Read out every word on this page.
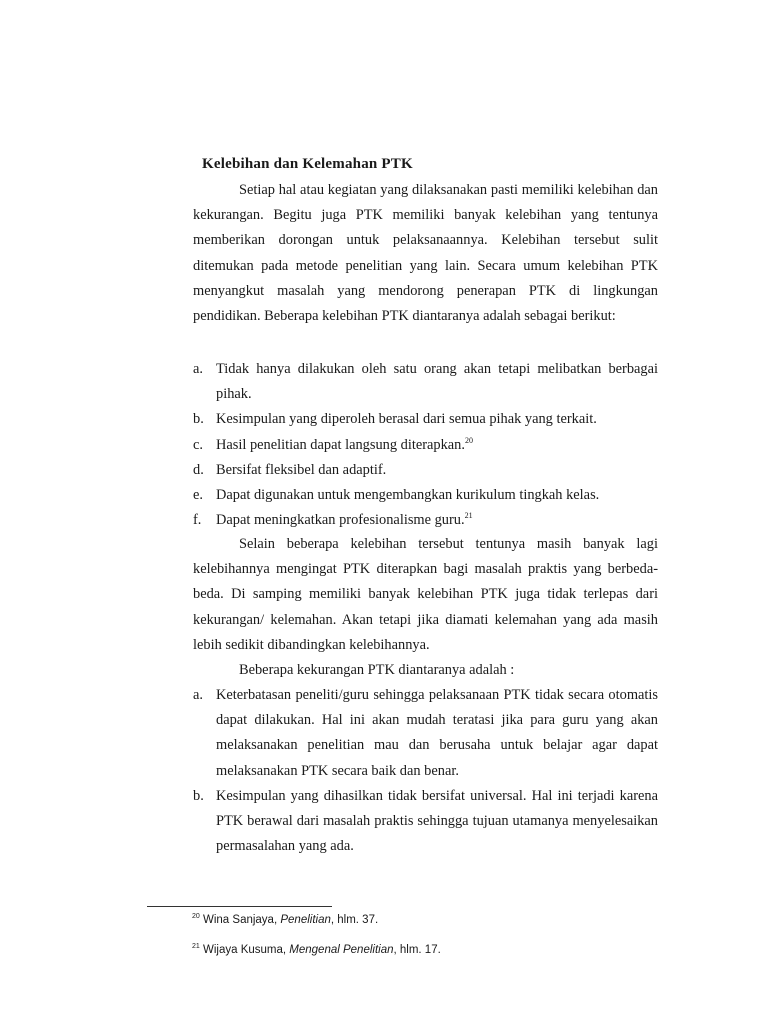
Kelebihan dan Kelemahan PTK

Setiap hal atau kegiatan yang dilaksanakan pasti memiliki kelebihan dan kekurangan. Begitu juga PTK memiliki banyak kelebihan yang tentunya memberikan dorongan untuk pelaksanaannya. Kelebihan tersebut sulit ditemukan pada metode penelitian yang lain. Secara umum kelebihan PTK menyangkut masalah yang mendorong penerapan PTK di lingkungan pendidikan. Beberapa kelebihan PTK diantaranya adalah sebagai berikut:

a. Tidak hanya dilakukan oleh satu orang akan tetapi melibatkan berbagai pihak.
b. Kesimpulan yang diperoleh berasal dari semua pihak yang terkait.
c. Hasil penelitian dapat langsung diterapkan.$^{20}$
d. Bersifat fleksibel dan adaptif.
e. Dapat digunakan untuk mengembangkan kurikulum tingkah kelas.
f. Dapat meningkatkan profesionalisme guru.$^{21}$

Selain beberapa kelebihan tersebut tentunya masih banyak lagi kelebihannya mengingat PTK diterapkan bagi masalah praktis yang berbeda-beda. Di samping memiliki banyak kelebihan PTK juga tidak terlepas dari kekurangan/ kelemahan. Akan tetapi jika diamati kelemahan yang ada masih lebih sedikit dibandingkan kelebihannya.

Beberapa kekurangan PTK diantaranya adalah :

a. Keterbatasan peneliti/guru sehingga pelaksanaan PTK tidak secara otomatis dapat dilakukan. Hal ini akan mudah teratasi jika para guru yang akan melaksanakan penelitian mau dan berusaha untuk belajar agar dapat melaksanakan PTK secara baik dan benar.
b. Kesimpulan yang dihasilkan tidak bersifat universal. Hal ini terjadi karena PTK berawal dari masalah praktis sehingga tujuan utamanya menyelesaikan permasalahan yang ada.
$^{20}$ Wina Sanjaya, Penelitian, hlm. 37.
$^{21}$ Wijaya Kusuma, Mengenal Penelitian, hlm. 17.
